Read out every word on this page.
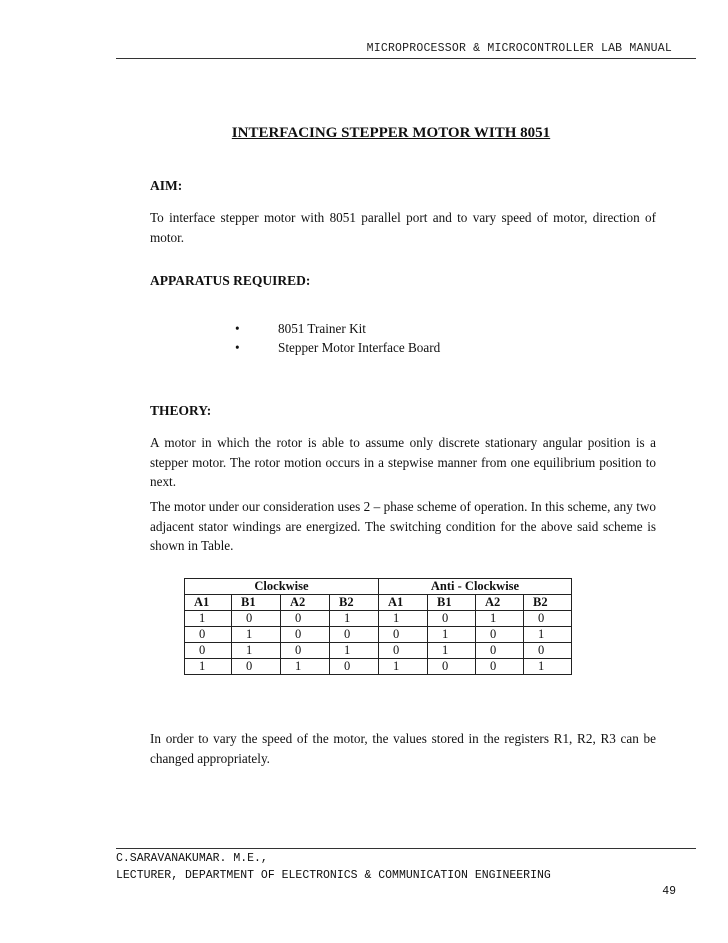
MICROPROCESSOR & MICROCONTROLLER LAB MANUAL
INTERFACING STEPPER MOTOR WITH 8051
AIM:
To interface stepper motor with 8051 parallel port and to vary speed of motor, direction of motor.
APPARATUS REQUIRED:
•	8051 Trainer Kit
•	Stepper Motor Interface Board
THEORY:
A motor in which the rotor is able to assume only discrete stationary angular position is a stepper motor. The rotor motion occurs in a stepwise manner from one equilibrium position to next.
The motor under our consideration uses 2 – phase scheme of operation. In this scheme, any two adjacent stator windings are energized. The switching condition for the above said scheme is shown in Table.
Clockwise				Anti - Clockwise			
A1	B1	A2	B2	A1	B1	A2	B2
1	0	0	1	1	0	1	0
0	1	0	0	0	1	0	1
0	1	0	1	0	1	0	0
1	0	1	0	1	0	0	1
In order to vary the speed of the motor, the values stored in the registers R1, R2, R3 can be changed appropriately.
C.SARAVANAKUMAR. M.E.,
LECTURER, DEPARTMENT OF ELECTRONICS & COMMUNICATION ENGINEERING
49
